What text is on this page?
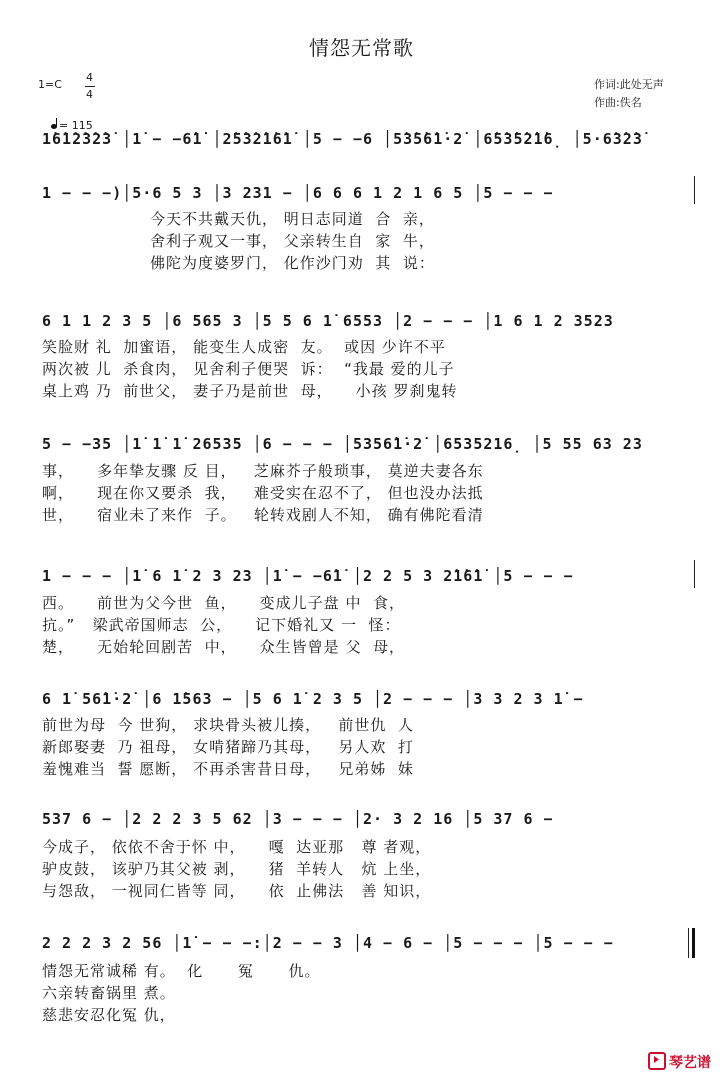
情怨无常歌
1=C
4
4

= 115

作词:此处无声
作曲:佚名
1̇6̇1̇2̇3̇2̇3̇ │1̇ − −6̇1̇ │2̇5̇3̇2̇1̇6̇1̇ │5 − −6 │5̇3̇5̇6̇1̇·2̇ │6̇5̇3̇5̇2̇1̇6̣ │5·6̇3̇2̇3̇
1 − − −)│5·6 5 3 │3 231 − │6 6 6 1 2 1 6 5 │5 − − −
今天不共戴天仇， 明日志同道  合  亲，
舍利子观又一事， 父亲转生自  家  牛，
佛陀为度婆罗门， 化作沙门劝  其  说：
6 1 1 2 3 5 │6 565 3 │5 5 6 1̇ 6553 │2 − − − │1 6 1 2 3523
笑脸财 礼  加蜜语， 能变生人成密  友。  或因 少许不平
两次被 儿  杀食肉， 见舍利子便哭  诉：  “我最 爱的儿子
桌上鸡 乃  前世父， 妻子乃是前世  母，    小孩 罗刹鬼转
5 − −35 │1̇ 1̇ 1̇ 26535 │6 − − − │5356̇1̇·2̇ │6535216̣ │5 55 63 23
事，    多年挚友骤 反 目，   芝麻芥子般琐事， 莫逆夫妻各东
啊，    现在你又要杀  我，   难受实在忍不了， 但也没办法抵
世，    宿业未了来作  子。   轮转戏剧人不知， 确有佛陀看清
1 − − − │1̇ 6 1̇ 2 3 23 │1̇ − −6̇1̇ │2 2 5 3 2̇1̇6̇1̇ │5 − − −
西。    前世为父今世  鱼，    变成儿子盘 中  食，
抗。”   梁武帝国师志  公，    记下婚礼又 一  怪：
楚，    无始轮回剧苦  中，    众生皆曾是 父  母，
6 1̇ 56̇1̇·2̇ │6 1̇563 − │5 6 1̇ 2 3 5 │2 − − − │3 3 2 3 1̇ −
前世为母  今 世狗， 求块骨头被儿揍，   前世仇  人
新郎娶妻  乃 祖母， 女啃猪蹄乃其母，   另人欢  打
羞愧难当  誓 愿断， 不再杀害昔日母，   兄弟姊  妹
537 6 − │2 2 2 3 5 62 │3 − − − │2· 3 2 16 │5 37 6 −
今成子， 依依不舍于怀 中，    嘎  达亚那   尊 者观，
驴皮鼓， 该驴乃其父被 剥，    猪  羊转人   炕 上坐，
与怨敌， 一视同仁皆等 同，    依  止佛法   善 知识，
2 2 2 3 2 56 │1̇ − − −:│2 − − 3 │4 − 6 − │5 − − − │5 − − −
情怨无常诚稀 有。  化      冤      仇。
六亲转畜锅里 煮。
慈悲安忍化冤 仇，

琴艺谱
